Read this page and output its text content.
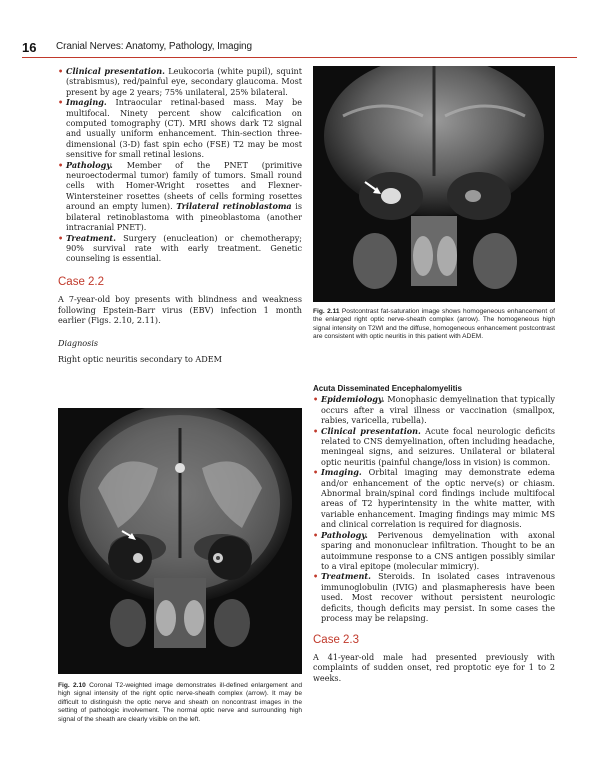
16 Cranial Nerves: Anatomy, Pathology, Imaging
• Clinical presentation. Leukocoria (white pupil), squint (strabismus), red/painful eye, secondary glaucoma. Most present by age 2 years; 75% unilateral, 25% bilateral.
• Imaging. Intraocular retinal-based mass. May be multifocal. Ninety percent show calcification on computed tomography (CT). MRI shows dark T2 signal and usually uniform enhancement. Thin-section three-dimensional (3-D) fast spin echo (FSE) T2 may be most sensitive for small retinal lesions.
• Pathology. Member of the PNET (primitive neuroectodermal tumor) family of tumors. Small round cells with Homer-Wright rosettes and Flexner-Wintersteiner rosettes (sheets of cells forming rosettes around an empty lumen). Trilateral retinoblastoma is bilateral retinoblastoma with pineoblastoma (another intracranial PNET).
• Treatment. Surgery (enucleation) or chemotherapy; 90% survival rate with early treatment. Genetic counseling is essential.

Case 2.2

A 7-year-old boy presents with blindness and weakness following Epstein-Barr virus (EBV) infection 1 month earlier (Figs. 2.10, 2.11).

Diagnosis

Right optic neuritis secondary to ADEM

Fig. 2.10 Coronal T2-weighted image demonstrates ill-defined enlargement and high signal intensity of the right optic nerve-sheath complex (arrow). It may be difficult to distinguish the optic nerve and sheath on noncontrast images in the setting of pathologic involvement. The normal optic nerve and surrounding high signal of the sheath are clearly visible on the left.
Fig. 2.11 Postcontrast fat-saturation image shows homogeneous enhancement of the enlarged right optic nerve-sheath complex (arrow). The homogeneous high signal intensity on T2WI and the diffuse, homogeneous enhancement postcontrast are consistent with optic neuritis in this patient with ADEM.

Acuta Disseminated Encephalomyelitis

• Epidemiology. Monophasic demyelination that typically occurs after a viral illness or vaccination (smallpox, rabies, varicella, rubella).
• Clinical presentation. Acute focal neurologic deficits related to CNS demyelination, often including headache, meningeal signs, and seizures. Unilateral or bilateral optic neuritis (painful change/loss in vision) is common.
• Imaging. Orbital imaging may demonstrate edema and/or enhancement of the optic nerve(s) or chiasm. Abnormal brain/spinal cord findings include multifocal areas of T2 hyperintensity in the white matter, with variable enhancement. Imaging findings may mimic MS and clinical correlation is required for diagnosis.
• Pathology. Perivenous demyelination with axonal sparing and mononuclear infiltration. Thought to be an autoimmune response to a CNS antigen possibly similar to a viral epitope (molecular mimicry).
• Treatment. Steroids. In isolated cases intravenous immunoglobulin (IVIG) and plasmapheresis have been used. Most recover without persistent neurologic deficits, though deficits may persist. In some cases the process may be relapsing.

Case 2.3

A 41-year-old male had presented previously with complaints of sudden onset, red proptotic eye for 1 to 2 weeks.
